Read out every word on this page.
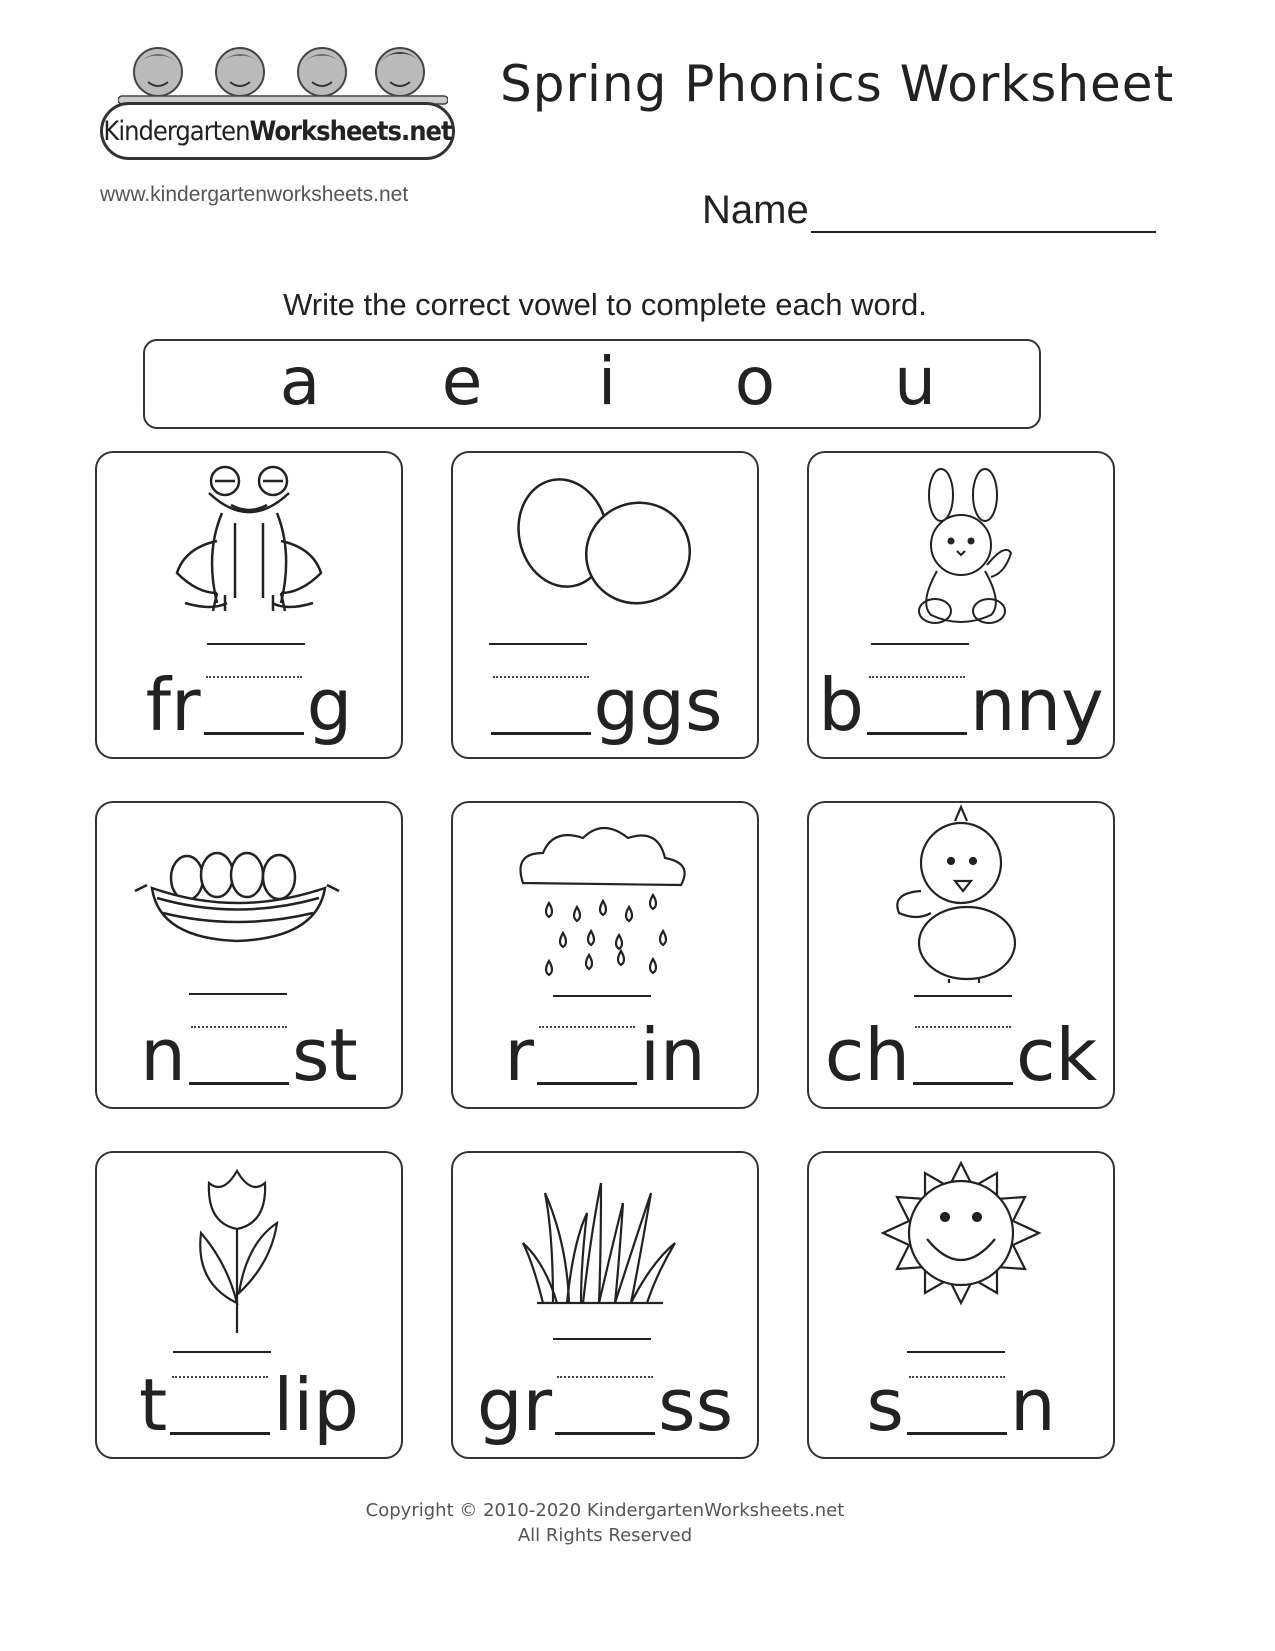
Kindergarten Worksheets.net
www.kindergartenworksheets.net
Spring Phonics Worksheet
Name
Write the correct vowel to complete each word.
a e i o u
fr g	ggs b nny
n st r in ch ck
t lip gr ss s n
Copyright © 2010-2020 KindergartenWorksheets.net
All Rights Reserved
